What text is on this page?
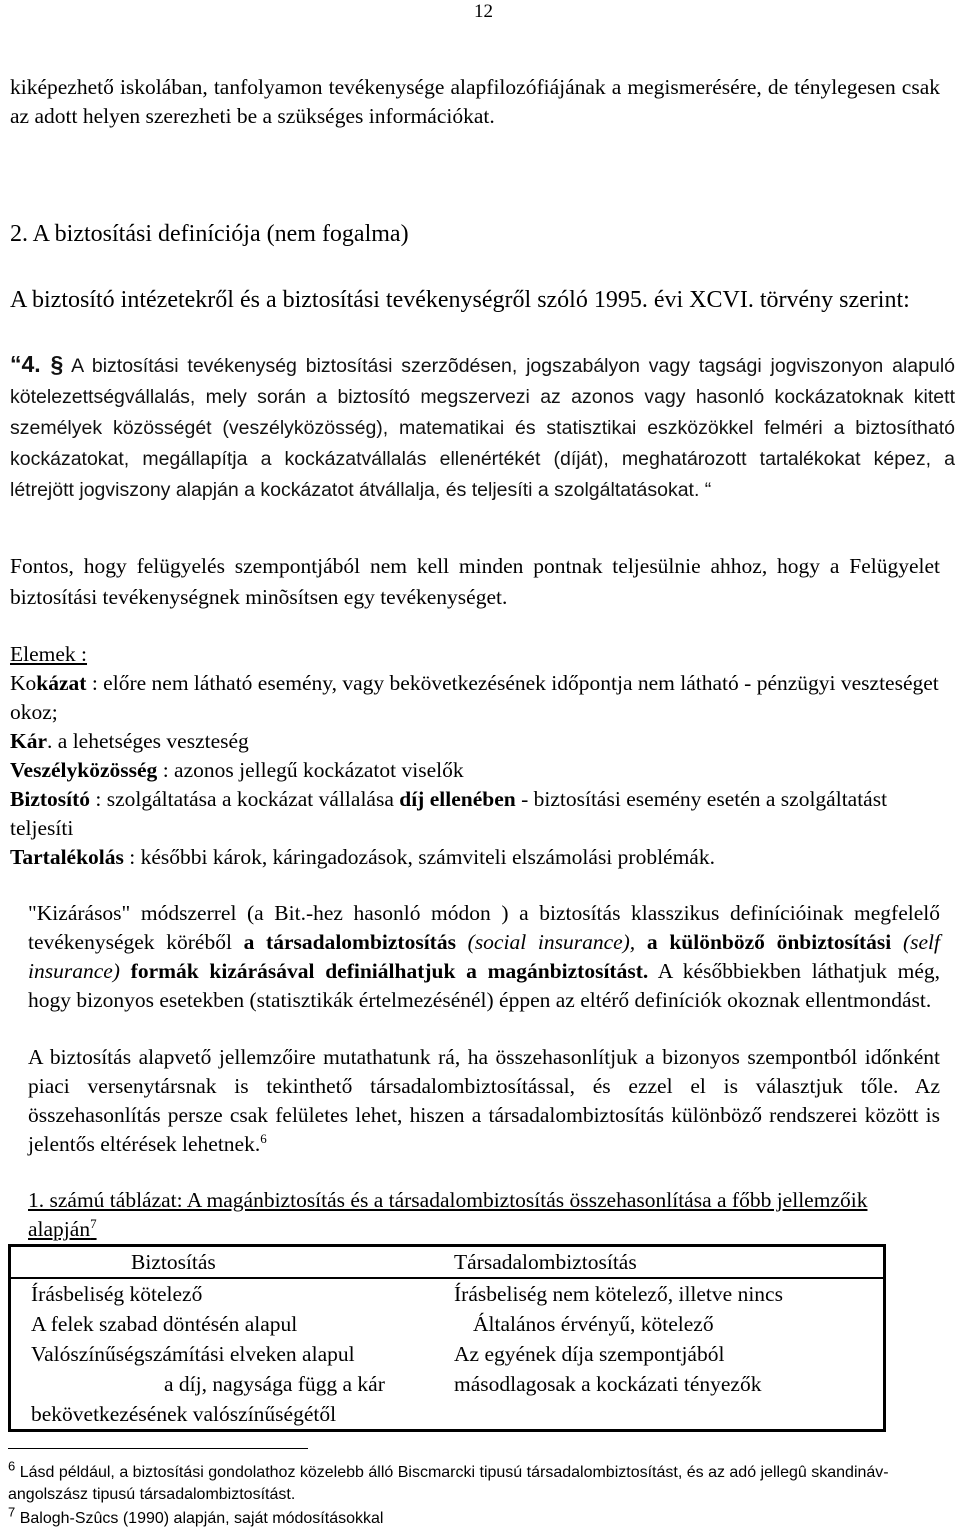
12
kiképezhető iskolában, tanfolyamon tevékenysége alapfilozófiájának a megismerésére, de ténylegesen csak az adott helyen szerezheti be a szükséges információkat.
2. A biztosítási definíciója (nem fogalma)
A biztosító intézetekről és a biztosítási tevékenységről szóló 1995. évi XCVI. törvény szerint:
“4. § A biztosítási tevékenység biztosítási szerzõdésen, jogszabályon vagy tagsági jogviszonyon alapuló kötelezettségvállalás, mely során a biztosító megszervezi az azonos vagy hasonló kockázatoknak kitett személyek közösségét (veszélyközösség), matematikai és statisztikai eszközökkel felméri a biztosítható kockázatokat, megállapítja a kockázatvállalás ellenértékét (díját), meghatározott tartalékokat képez, a létrejött jogviszony alapján a kockázatot átvállalja, és teljesíti a szolgáltatásokat. “
Fontos, hogy felügyelés szempontjából nem kell minden pontnak teljesülnie ahhoz, hogy a Felügyelet biztosítási tevékenységnek minõsítsen egy tevékenységet.
Elemek :
Kokázat : előre nem látható esemény, vagy bekövetkezésének időpontja nem látható - pénzügyi veszteséget okoz;
Kár. a lehetséges veszteség
Veszélyközösség : azonos jellegű kockázatot viselők
Biztosító : szolgáltatása a kockázat vállalása díj ellenében - biztosítási esemény esetén a szolgáltatást teljesíti
Tartalékolás : későbbi károk, káringadozások, számviteli elszámolási problémák.
"Kizárásos" módszerrel (a Bit.-hez hasonló módon ) a biztosítás klasszikus definícióinak megfelelő tevékenységek köréből a társadalombiztosítás (social insurance), a különböző önbiztosítási (self insurance) formák kizárásával definiálhatjuk a magánbiztosítást. A későbbiekben láthatjuk még, hogy bizonyos esetekben (statisztikák értelmezésénél) éppen az eltérő definíciók okoznak ellentmondást.
A biztosítás alapvető jellemzőire mutathatunk rá, ha összehasonlítjuk a bizonyos szempontból időnként piaci versenytársnak is tekinthető társadalombiztosítással, és ezzel el is választjuk tőle. Az összehasonlítás persze csak felületes lehet, hiszen a társadalombiztosítás különböző rendszerei között is jelentős eltérések lehetnek.$^6$
1. számú táblázat: A magánbiztosítás és a társadalombiztosítás összehasonlítása a főbb jellemzőik alapján$^7$
Biztosítás	Társadalombiztosítás
Írásbeliség kötelező	Írásbeliség nem kötelező, illetve nincs
A felek szabad döntésén alapul	Általános érvényű, kötelező
Valószínűségszámítási elveken alapul	Az egyének díja szempontjából
a díj, nagysága függ a kár	másodlagosak a kockázati tényezők
bekövetkezésének valószínűségétől	
$^6$ Lásd például, a biztosítási gondolathoz közelebb álló Biscmarcki tipusú társadalombiztosítást, és az adó jellegû skandináv-angolszász tipusú társadalombiztosítást.
$^7$ Balogh-Szûcs (1990) alapján, saját módosításokkal
